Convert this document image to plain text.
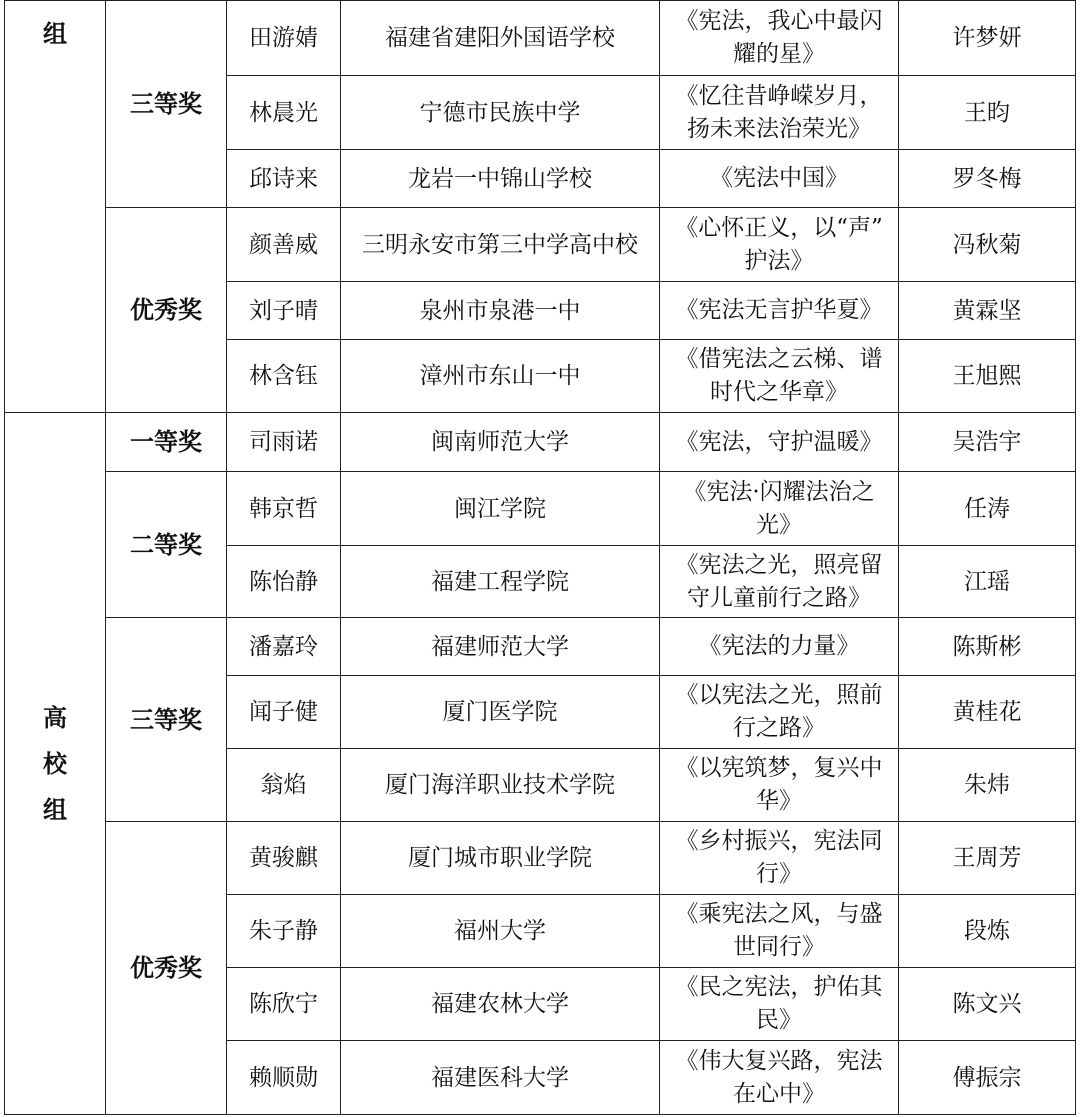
组	三等奖	田游婧	福建省建阳外国语学校	《宪法，我心中最闪
耀的星》	许梦妍
		林晨光	宁德市民族中学	《忆往昔峥嵘岁月，
扬未来法治荣光》	王昀
		邱诗来	龙岩一中锦山学校	《宪法中国》	罗冬梅
	优秀奖	颜善威	三明永安市第三中学高中校	《心怀正义，以“声”
护法》	冯秋菊
		刘子晴	泉州市泉港一中	《宪法无言护华夏》	黄霖坚
		林含钰	漳州市东山一中	《借宪法之云梯、谱
时代之华章》	王旭熙

高
校
组	一等奖	司雨诺	闽南师范大学	《宪法，守护温暖》	吴浩宇
	二等奖	韩京哲	闽江学院	《宪法·闪耀法治之
光》	任涛
		陈怡静	福建工程学院	《宪法之光，照亮留
守儿童前行之路》	江瑶
	三等奖	潘嘉玲	福建师范大学	《宪法的力量》	陈斯彬
		闻子健	厦门医学院	《以宪法之光，照前
行之路》	黄桂花
		翁焰	厦门海洋职业技术学院	《以宪筑梦，复兴中
华》	朱炜
	优秀奖	黄骏麒	厦门城市职业学院	《乡村振兴，宪法同
行》	王周芳
		朱子静	福州大学	《乘宪法之风，与盛
世同行》	段炼
		陈欣宁	福建农林大学	《民之宪法，护佑其
民》	陈文兴
		赖顺勋	福建医科大学	《伟大复兴路，宪法
在心中》	傅振宗
